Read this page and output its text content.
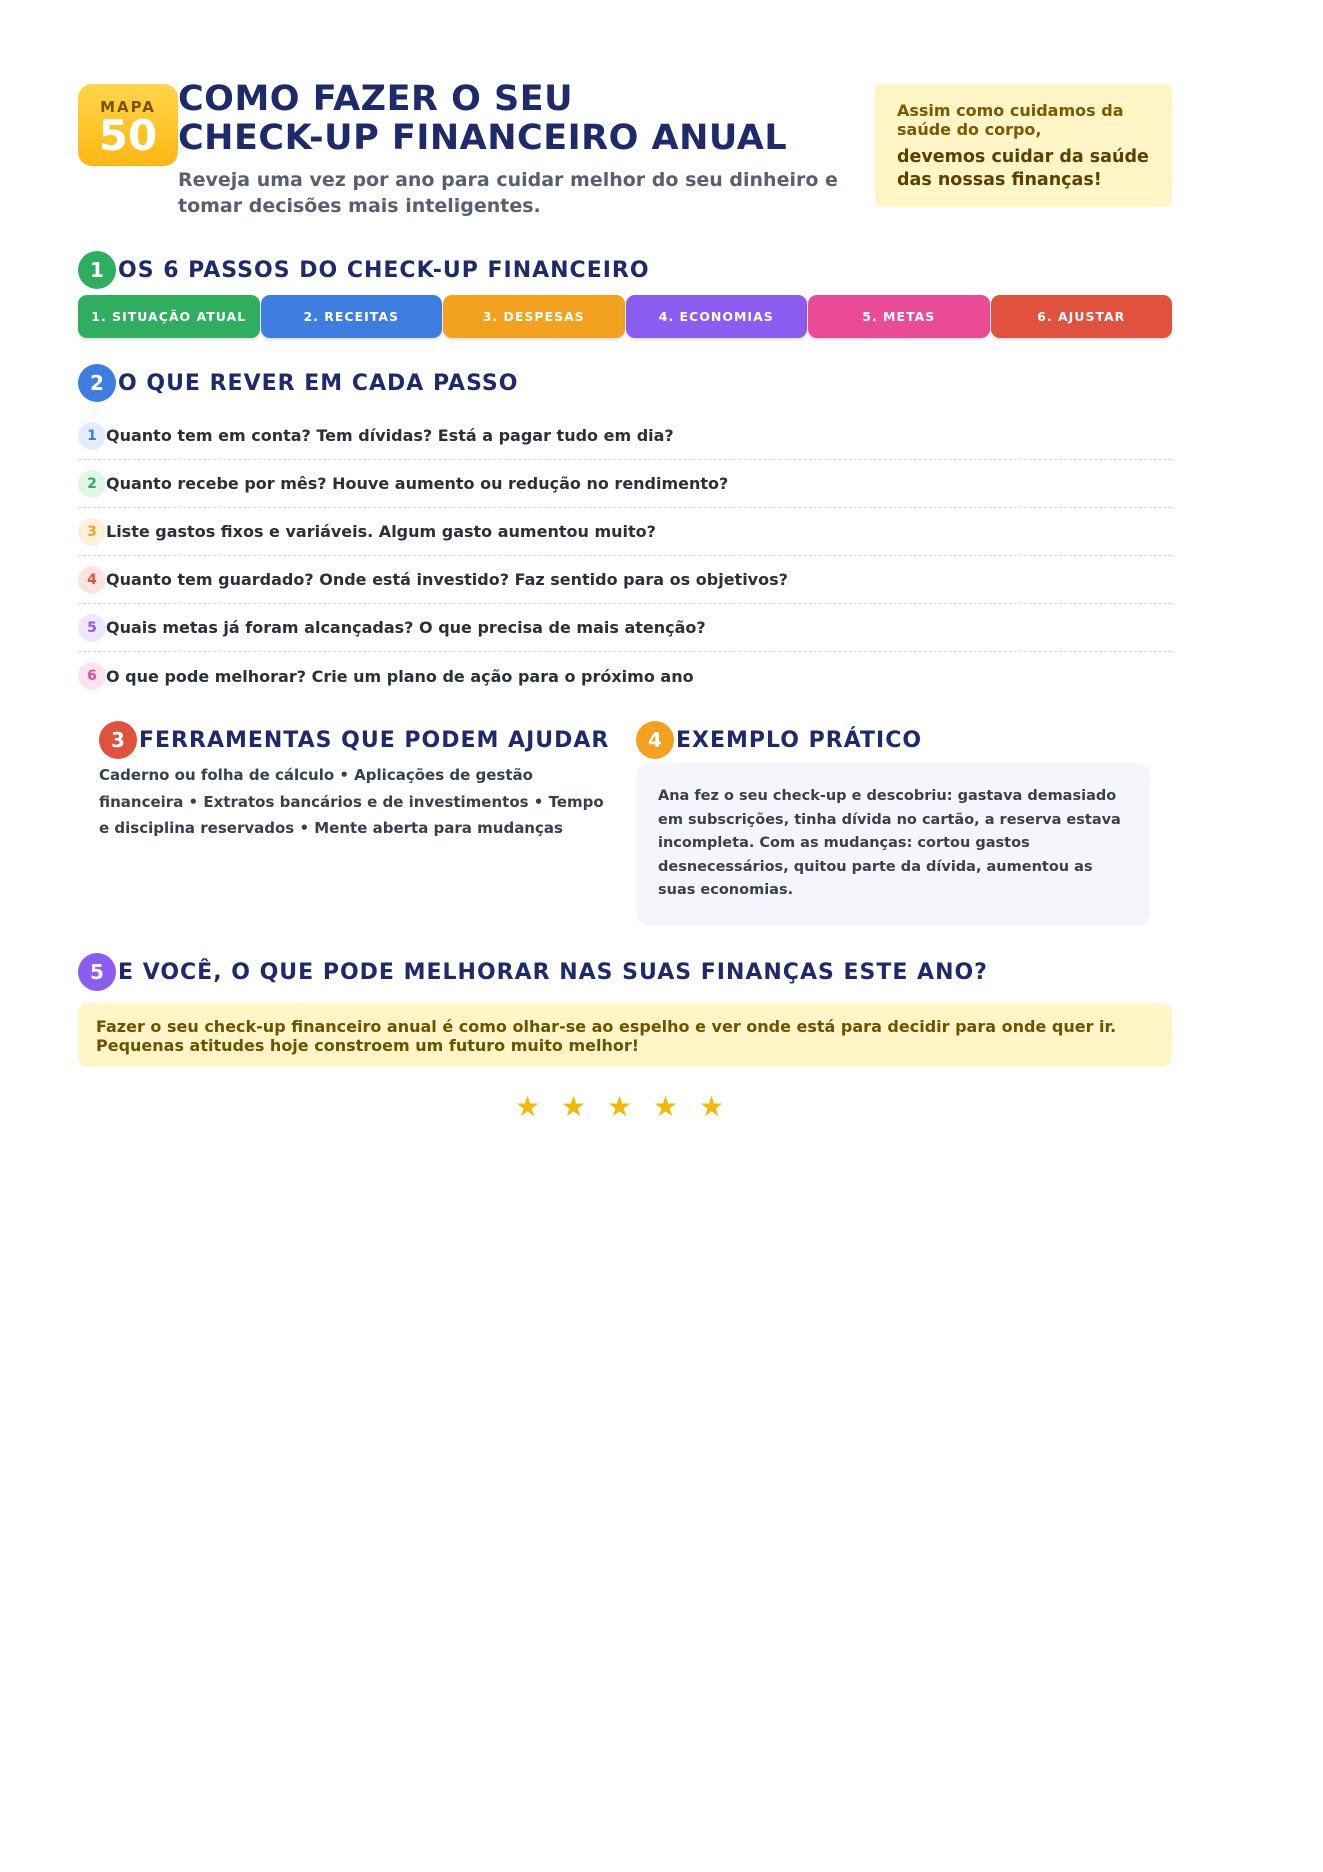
MAPA
50
COMO FAZER O SEU
CHECK-UP FINANCEIRO ANUAL

Reveja uma vez por ano para cuidar melhor do seu dinheiro e tomar decisões mais inteligentes.

Assim como cuidamos da saúde do corpo,
devemos cuidar da saúde das nossas finanças!
1 OS 6 PASSOS DO CHECK-UP FINANCEIRO
1. SITUAÇÃO ATUAL	2. RECEITAS	3. DESPESAS	4. ECONOMIAS	5. METAS	6. AJUSTAR
2 O QUE REVER EM CADA PASSO
1 Quanto tem em conta? Tem dívidas? Está a pagar tudo em dia?
2 Quanto recebe por mês? Houve aumento ou redução no rendimento?
3 Liste gastos fixos e variáveis. Algum gasto aumentou muito?
4 Quanto tem guardado? Onde está investido? Faz sentido para os objetivos?
5 Quais metas já foram alcançadas? O que precisa de mais atenção?
6 O que pode melhorar? Crie um plano de ação para o próximo ano
3 FERRAMENTAS QUE PODEM AJUDAR

Caderno ou folha de cálculo • Aplicações de gestão financeira • Extratos bancários e de investimentos • Tempo e disciplina reservados • Mente aberta para mudanças

4 EXEMPLO PRÁTICO

Ana fez o seu check-up e descobriu: gastava demasiado em subscrições, tinha dívida no cartão, a reserva estava incompleta. Com as mudanças: cortou gastos desnecessários, quitou parte da dívida, aumentou as suas economias.

5 E VOCÊ, O QUE PODE MELHORAR NAS SUAS FINANÇAS ESTE ANO?

Fazer o seu check-up financeiro anual é como olhar-se ao espelho e ver onde está para decidir para onde quer ir.
Pequenas atitudes hoje constroem um futuro muito melhor!

★ ★ ★ ★ ★
